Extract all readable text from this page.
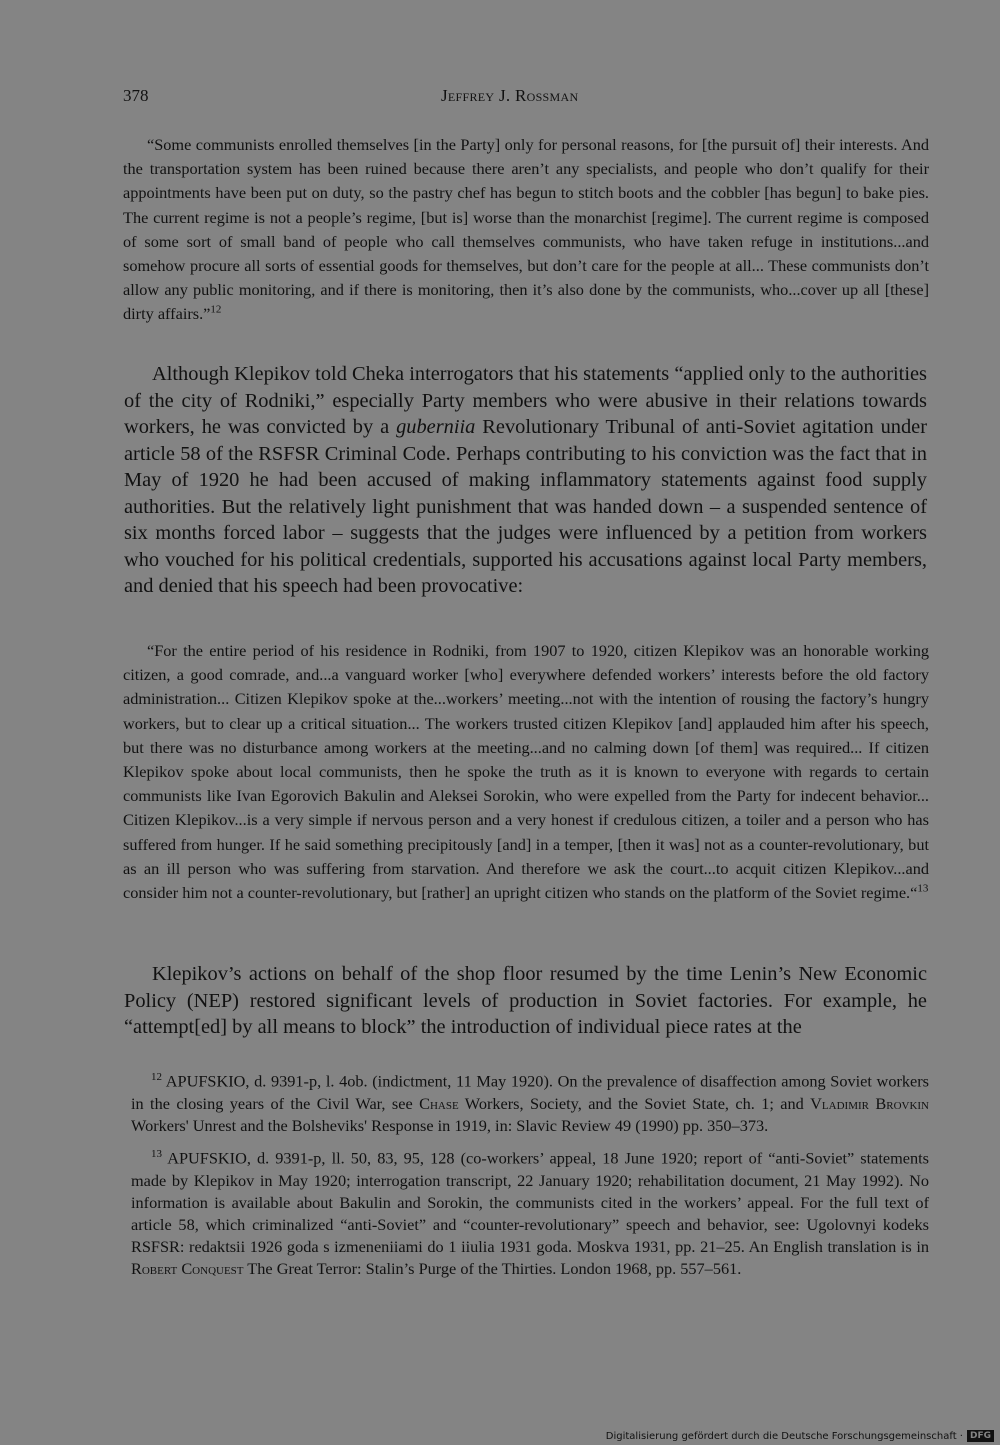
378	Jeffrey J. Rossman

“Some communists enrolled themselves [in the Party] only for personal reasons, for [the pursuit of] their interests. And the transportation system has been ruined because there aren’t any specialists, and people who don’t qualify for their appointments have been put on duty, so the pastry chef has begun to stitch boots and the cobbler [has begun] to bake pies. The current regime is not a people’s regime, [but is] worse than the monarchist [regime]. The current regime is composed of some sort of small band of people who call themselves communists, who have taken refuge in institutions...and somehow procure all sorts of essential goods for themselves, but don’t care for the people at all... These communists don’t allow any public monitoring, and if there is monitoring, then it’s also done by the communists, who...cover up all [these] dirty affairs.”$^{12}$

Although Klepikov told Cheka interrogators that his statements “applied only to the authorities of the city of Rodniki,” especially Party members who were abusive in their relations towards workers, he was convicted by a guberniia Revolutionary Tribunal of anti-Soviet agitation under article 58 of the RSFSR Criminal Code. Perhaps contributing to his conviction was the fact that in May of 1920 he had been accused of making inflammatory statements against food supply authorities. But the relatively light punishment that was handed down – a suspended sentence of six months forced labor – suggests that the judges were influenced by a petition from workers who vouched for his political credentials, supported his accusations against local Party members, and denied that his speech had been provocative:

“For the entire period of his residence in Rodniki, from 1907 to 1920, citizen Klepikov was an honorable working citizen, a good comrade, and...a vanguard worker [who] everywhere defended workers’ interests before the old factory administration... Citizen Klepikov spoke at the...workers’ meeting...not with the intention of rousing the factory’s hungry workers, but to clear up a critical situation... The workers trusted citizen Klepikov [and] applauded him after his speech, but there was no disturbance among workers at the meeting...and no calming down [of them] was required... If citizen Klepikov spoke about local communists, then he spoke the truth as it is known to everyone with regards to certain communists like Ivan Egorovich Bakulin and Aleksei Sorokin, who were expelled from the Party for indecent behavior... Citizen Klepikov...is a very simple if nervous person and a very honest if credulous citizen, a toiler and a person who has suffered from hunger. If he said something precipitously [and] in a temper, [then it was] not as a counter-revolutionary, but as an ill person who was suffering from starvation. And therefore we ask the court...to acquit citizen Klepikov...and consider him not a counter-revolutionary, but [rather] an upright citizen who stands on the platform of the Soviet regime.“$^{13}$

Klepikov’s actions on behalf of the shop floor resumed by the time Lenin’s New Economic Policy (NEP) restored significant levels of production in Soviet factories. For example, he “attempt[ed] by all means to block” the introduction of individual piece rates at the

$^{12}$ APUFSKIO, d. 9391-p, l. 4ob. (indictment, 11 May 1920). On the prevalence of disaffection among Soviet workers in the closing years of the Civil War, see Chase Workers, Society, and the Soviet State, ch. 1; and Vladimir Brovkin Workers' Unrest and the Bolsheviks' Response in 1919, in: Slavic Review 49 (1990) pp. 350–373.

$^{13}$ APUFSKIO, d. 9391-p, ll. 50, 83, 95, 128 (co-workers’ appeal, 18 June 1920; report of “anti-Soviet” statements made by Klepikov in May 1920; interrogation transcript, 22 January 1920; rehabilitation document, 21 May 1992). No information is available about Bakulin and Sorokin, the communists cited in the workers’ appeal. For the full text of article 58, which criminalized “anti-Soviet” and “counter-revolutionary” speech and behavior, see: Ugolovnyi kodeks RSFSR: redaktsii 1926 goda s izmeneniiami do 1 iiulia 1931 goda. Moskva 1931, pp. 21–25. An English translation is in Robert Conquest The Great Terror: Stalin’s Purge of the Thirties. London 1968, pp. 557–561.

Digitalisierung gefördert durch die Deutsche Forschungsgemeinschaft · DFG
